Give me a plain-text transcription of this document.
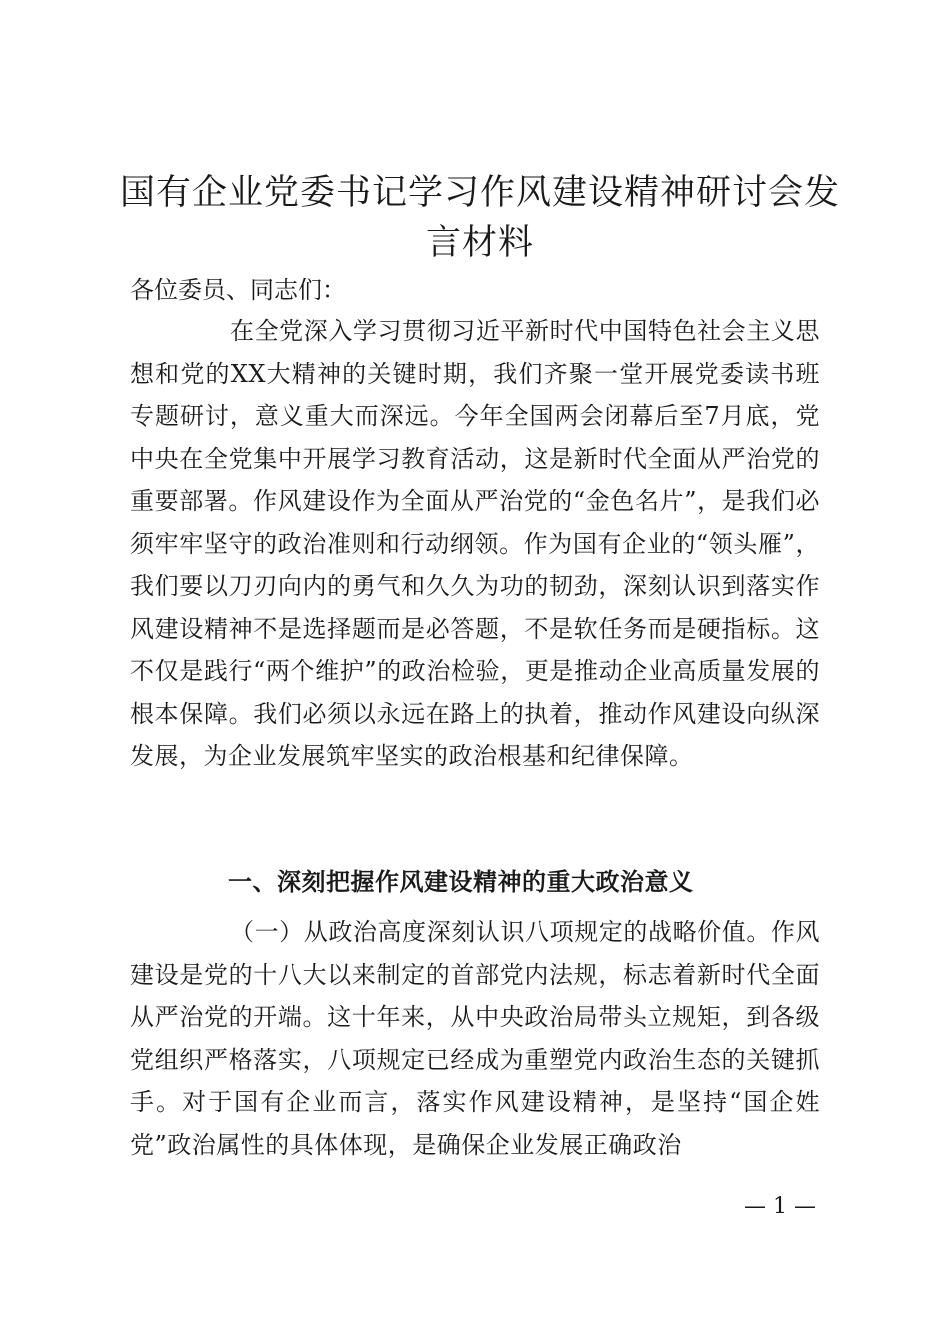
国有企业党委书记学习作风建设精神研讨会发言材料

各位委员、同志们：

在全党深入学习贯彻习近平新时代中国特色社会主义思想和党的XX大精神的关键时期，我们齐聚一堂开展党委读书班专题研讨，意义重大而深远。今年全国两会闭幕后至7月底，党中央在全党集中开展学习教育活动，这是新时代全面从严治党的重要部署。作风建设作为全面从严治党的“金色名片”，是我们必须牢牢坚守的政治准则和行动纲领。作为国有企业的“领头雁”，我们要以刀刃向内的勇气和久久为功的韧劲，深刻认识到落实作风建设精神不是选择题而是必答题，不是软任务而是硬指标。这不仅是践行“两个维护”的政治检验，更是推动企业高质量发展的根本保障。我们必须以永远在路上的执着，推动作风建设向纵深发展，为企业发展筑牢坚实的政治根基和纪律保障。

一、深刻把握作风建设精神的重大政治意义

（一）从政治高度深刻认识八项规定的战略价值。作风建设是党的十八大以来制定的首部党内法规，标志着新时代全面从严治党的开端。这十年来，从中央政治局带头立规矩，到各级党组织严格落实，八项规定已经成为重塑党内政治生态的关键抓手。对于国有企业而言，落实作风建设精神，是坚持“国企姓党”政治属性的具体体现，是确保企业发展正确政治

— 1 —
